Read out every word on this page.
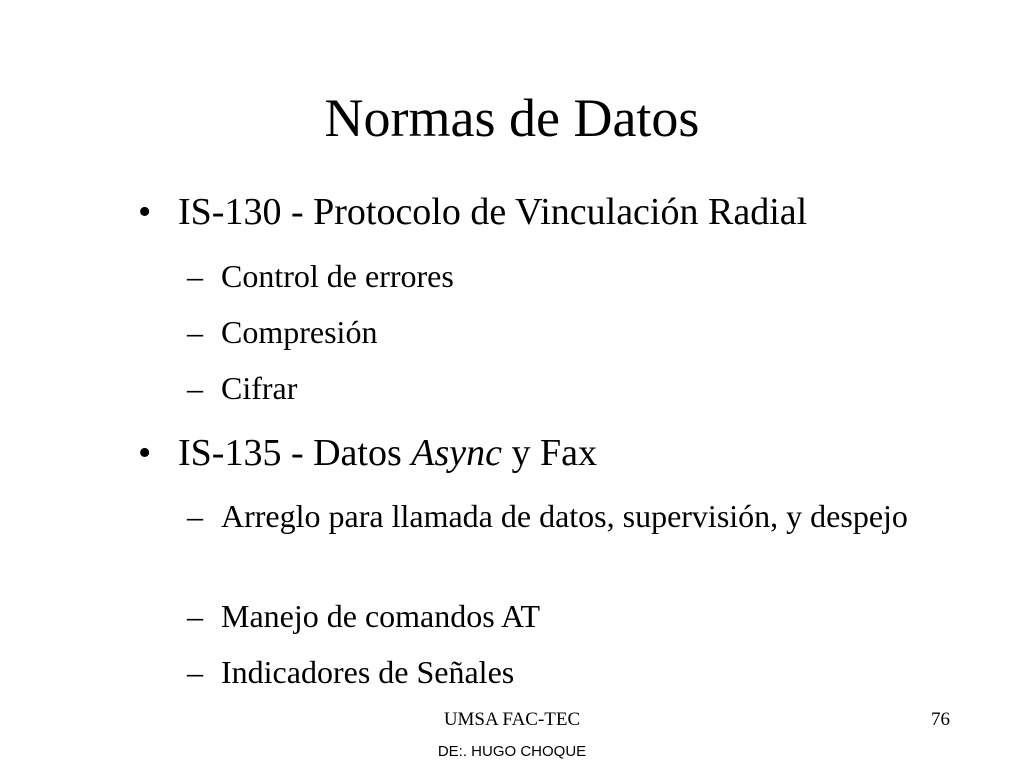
Normas de Datos
• IS-130 - Protocolo de Vinculación Radial
– Control de errores
– Compresión
– Cifrar
• IS-135 - Datos Async y Fax
– Arreglo para llamada de datos, supervisión, y despejo
– Manejo de comandos AT
– Indicadores de Señales
UMSA FAC-TEC	76
DE:. HUGO CHOQUE
